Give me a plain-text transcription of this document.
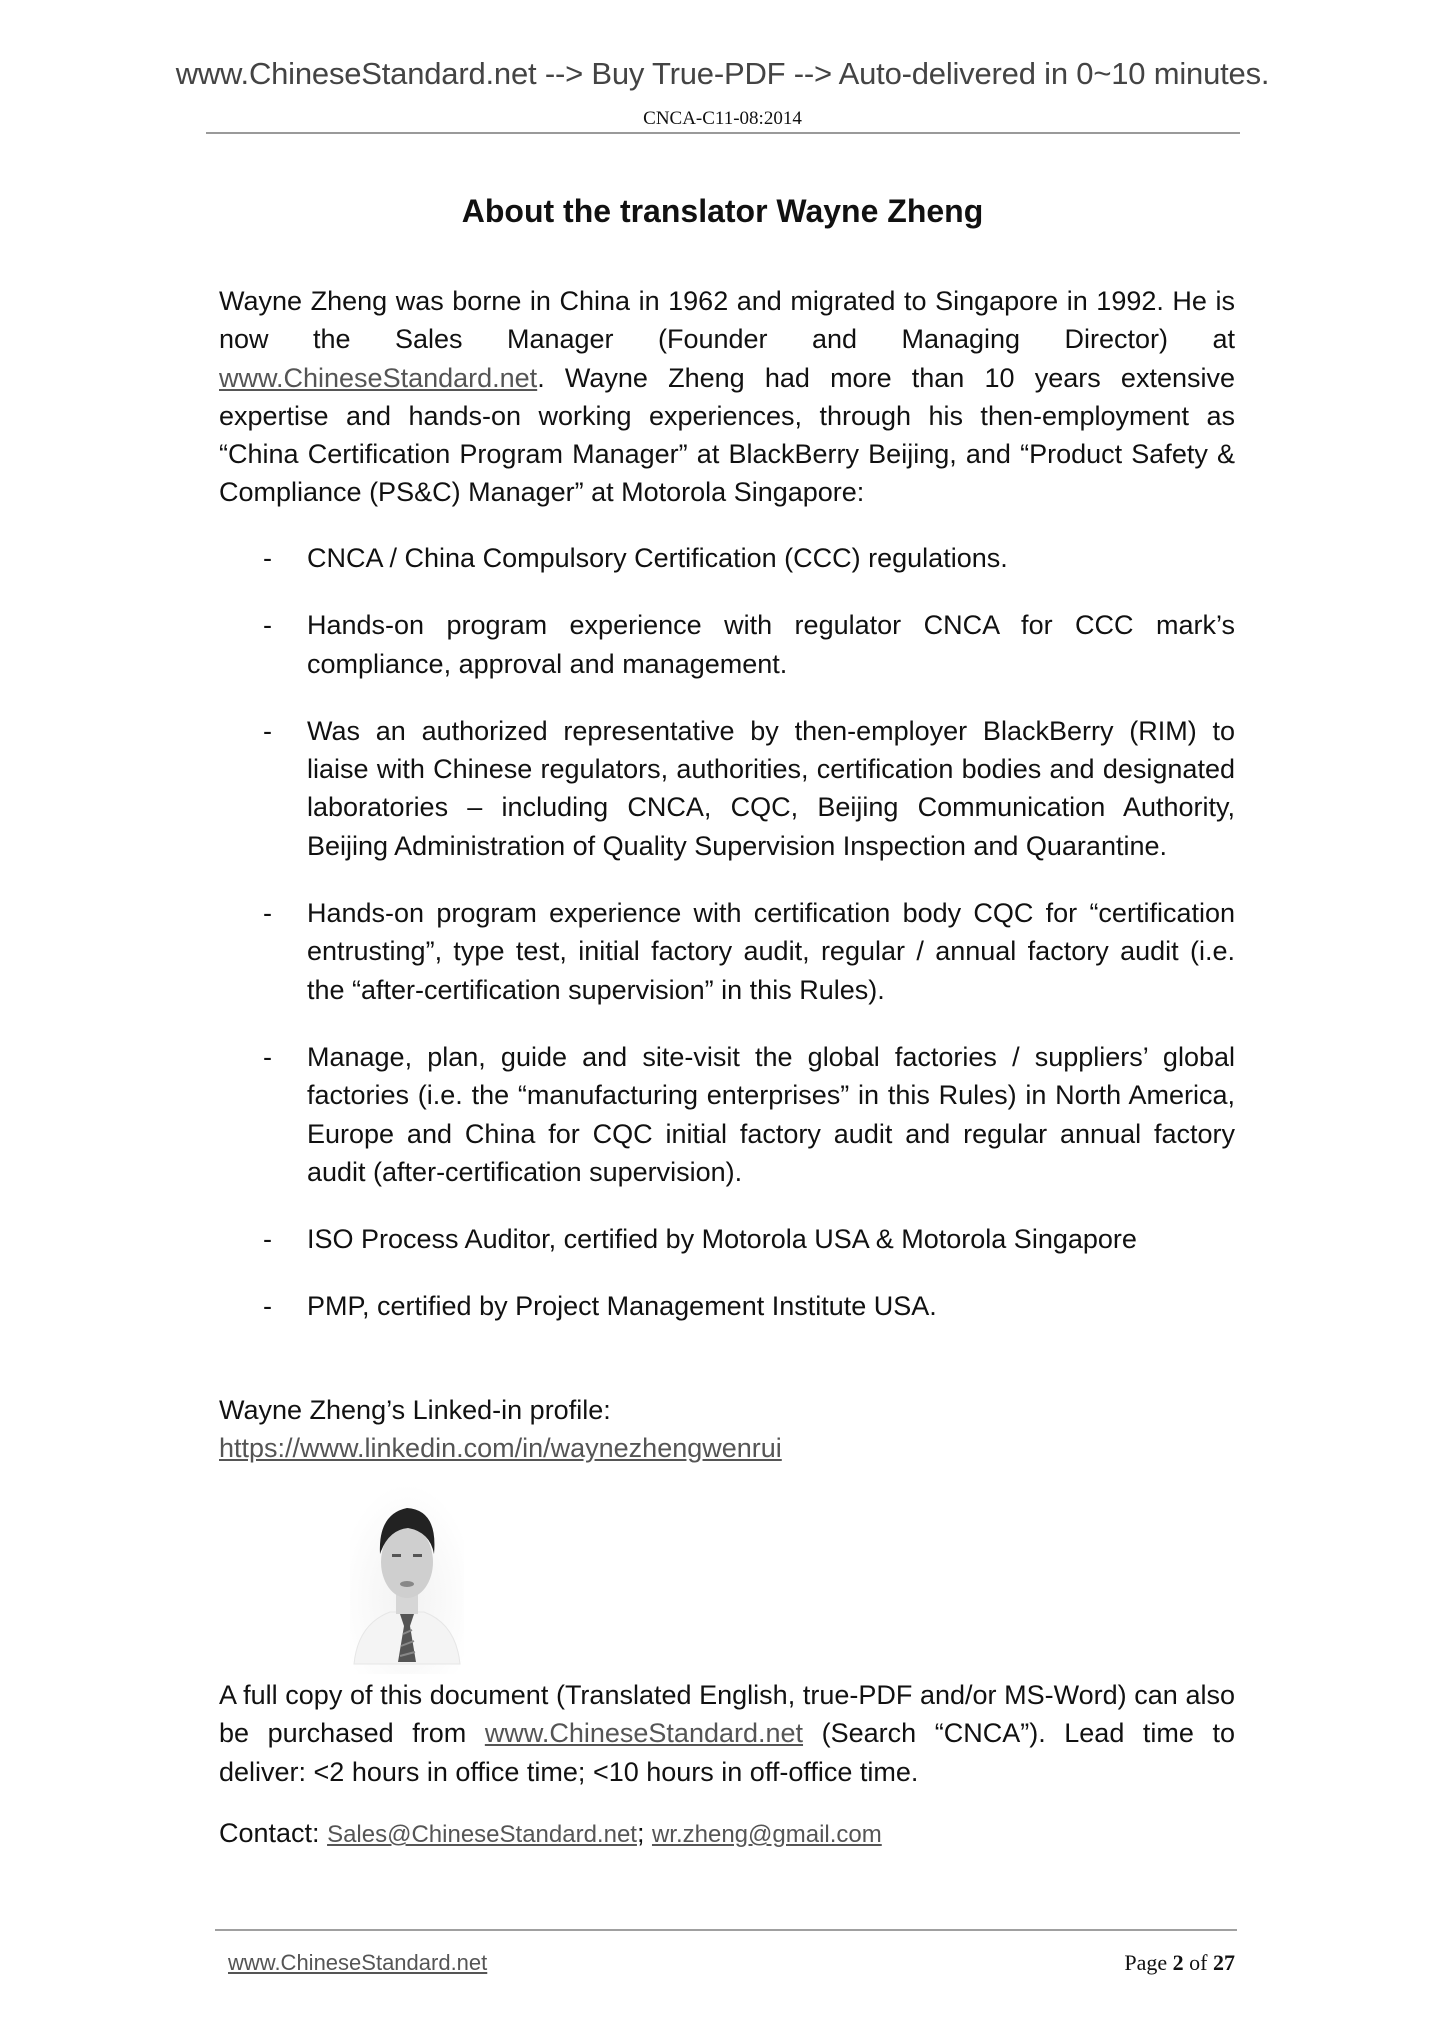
www.ChineseStandard.net --> Buy True-PDF --> Auto-delivered in 0~10 minutes.
CNCA-C11-08:2014
About the translator Wayne Zheng

Wayne Zheng was borne in China in 1962 and migrated to Singapore in 1992. He is now the Sales Manager (Founder and Managing Director) at www.ChineseStandard.net. Wayne Zheng had more than 10 years extensive expertise and hands-on working experiences, through his then-employment as “China Certification Program Manager” at BlackBerry Beijing, and “Product Safety & Compliance (PS&C) Manager” at Motorola Singapore:

- CNCA / China Compulsory Certification (CCC) regulations.
- Hands-on program experience with regulator CNCA for CCC mark’s compliance, approval and management.
- Was an authorized representative by then-employer BlackBerry (RIM) to liaise with Chinese regulators, authorities, certification bodies and designated laboratories – including CNCA, CQC, Beijing Communication Authority, Beijing Administration of Quality Supervision Inspection and Quarantine.
- Hands-on program experience with certification body CQC for “certification entrusting”, type test, initial factory audit, regular / annual factory audit (i.e. the “after-certification supervision” in this Rules).
- Manage, plan, guide and site-visit the global factories / suppliers’ global factories (i.e. the “manufacturing enterprises” in this Rules) in North America, Europe and China for CQC initial factory audit and regular annual factory audit (after-certification supervision).
- ISO Process Auditor, certified by Motorola USA & Motorola Singapore
- PMP, certified by Project Management Institute USA.
Wayne Zheng’s Linked-in profile:
https://www.linkedin.com/in/waynezhengwenrui

A full copy of this document (Translated English, true-PDF and/or MS-Word) can also be purchased from www.ChineseStandard.net (Search “CNCA”). Lead time to deliver: <2 hours in office time; <10 hours in off-office time.

Contact: Sales@ChineseStandard.net; wr.zheng@gmail.com
www.ChineseStandard.net	Page 2 of 27
